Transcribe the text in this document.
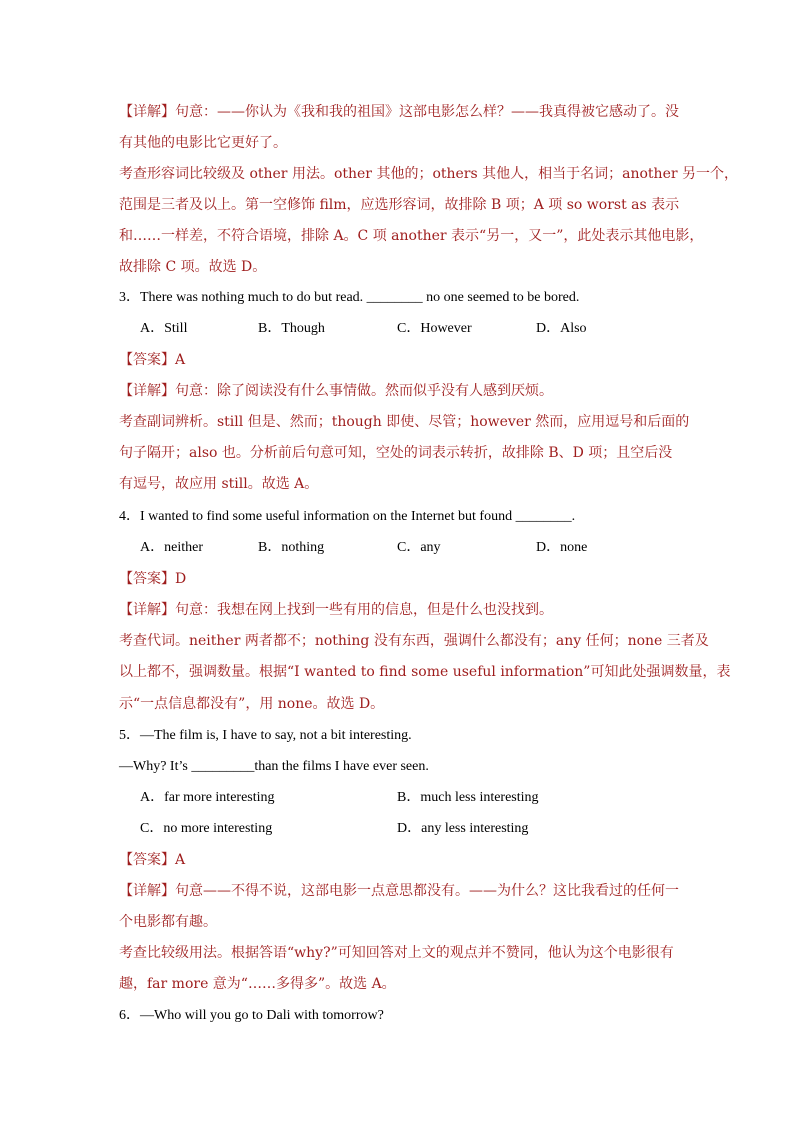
【详解】句意：——你认为《我和我的祖国》这部电影怎么样？——我真得被它感动了。没
有其他的电影比它更好了。
考查形容词比较级及 other 用法。other 其他的；others 其他人，相当于名词；another 另一个，
范围是三者及以上。第一空修饰 film，应选形容词，故排除 B 项；A 项 so worst as 表示
和……一样差，不符合语境，排除 A。C 项 another 表示“另一，又一”，此处表示其他电影，
故排除 C 项。故选 D。
3．There was nothing much to do but read. ________ no one seemed to be bored.
A．Still	B．Though	C．However	D．Also
【答案】A
【详解】句意：除了阅读没有什么事情做。然而似乎没有人感到厌烦。
考查副词辨析。still 但是、然而；though 即使、尽管；however 然而，应用逗号和后面的
句子隔开；also 也。分析前后句意可知，空处的词表示转折，故排除 B、D 项；且空后没
有逗号，故应用 still。故选 A。
4．I wanted to find some useful information on the Internet but found ________.
A．neither	B．nothing	C．any	D．none
【答案】D
【详解】句意：我想在网上找到一些有用的信息，但是什么也没找到。
考查代词。neither 两者都不；nothing 没有东西，强调什么都没有；any 任何；none 三者及
以上都不，强调数量。根据“I wanted to find some useful information”可知此处强调数量，表
示“一点信息都没有”，用 none。故选 D。
5．—The film is, I have to say, not a bit interesting.
—Why? It’s _________than the films I have ever seen.
A．far more interesting	B．much less interesting
C．no more interesting	D．any less interesting
【答案】A
【详解】句意——不得不说，这部电影一点意思都没有。——为什么？这比我看过的任何一
个电影都有趣。
考查比较级用法。根据答语“why?”可知回答对上文的观点并不赞同，他认为这个电影很有
趣，far more 意为“……多得多”。故选 A。
6．—Who will you go to Dali with tomorrow?
